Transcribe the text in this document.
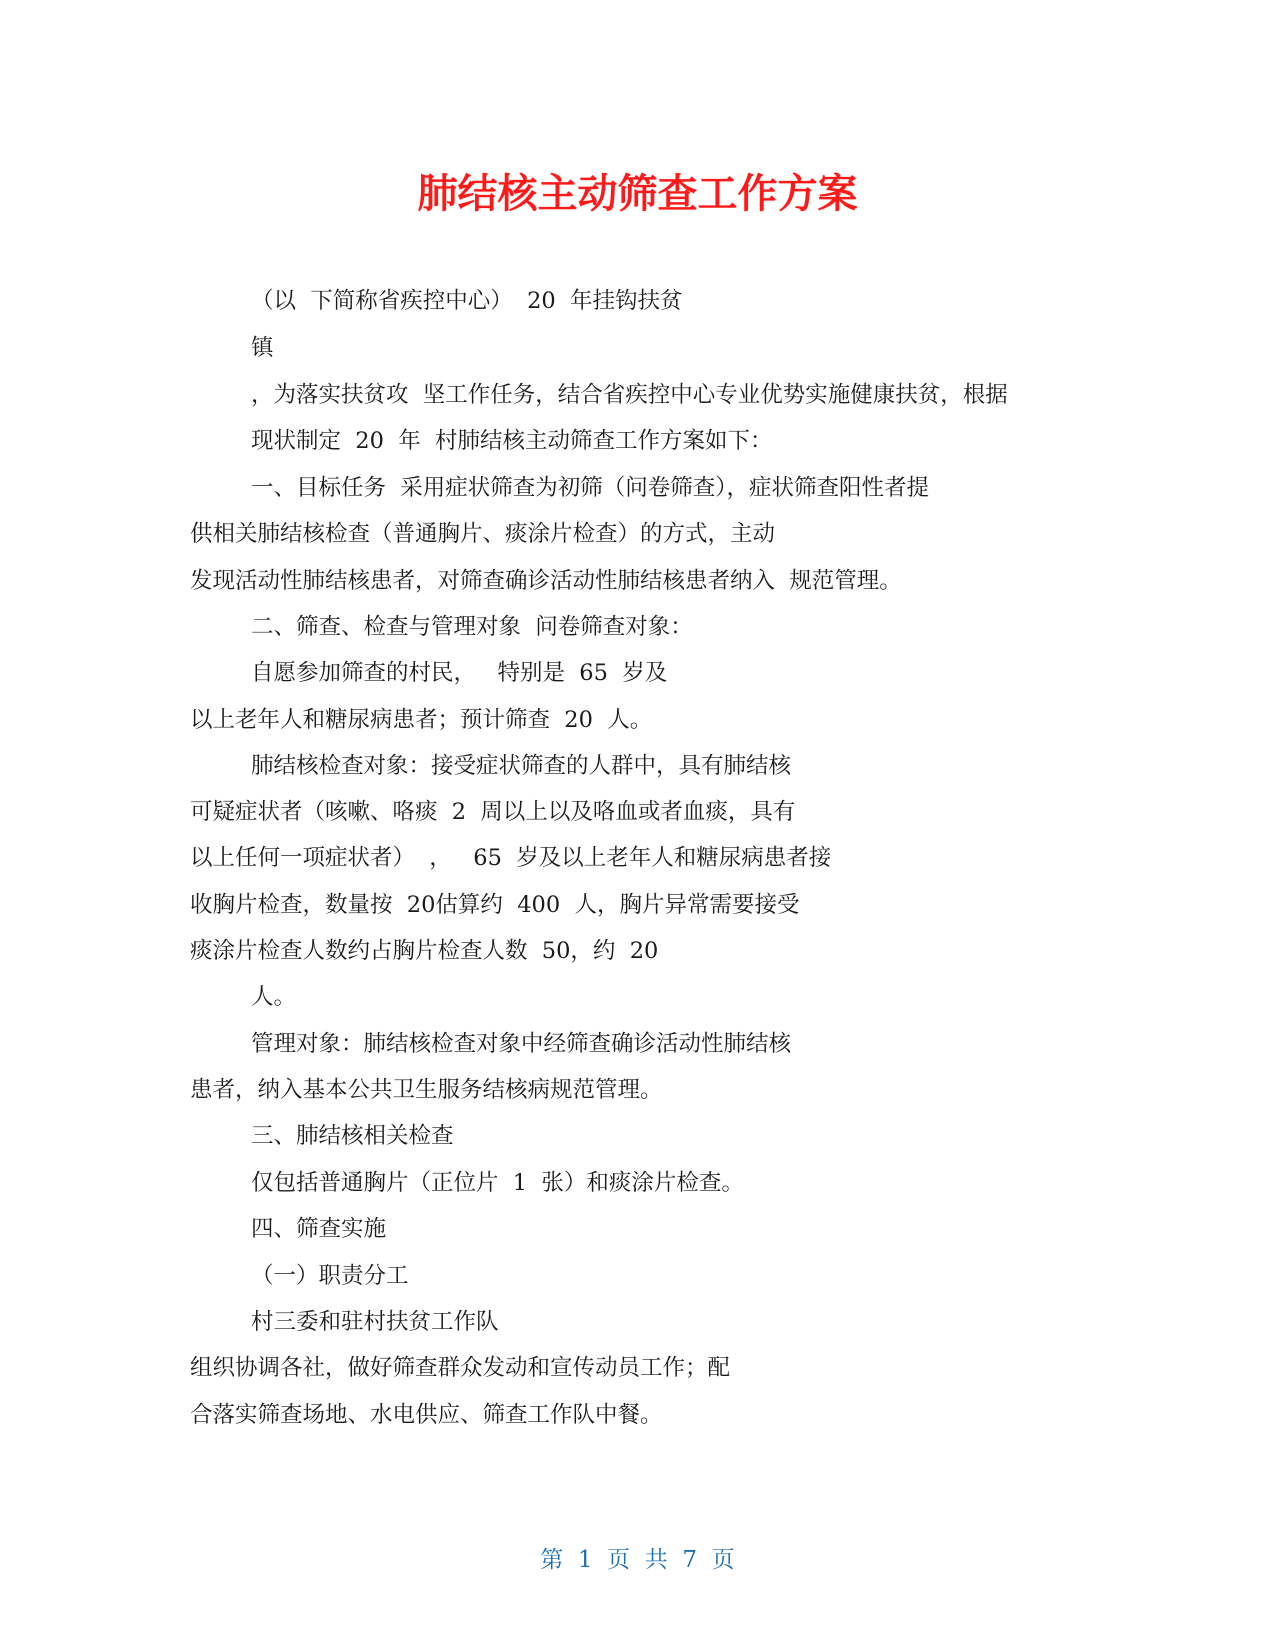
肺结核主动筛查工作方案
（以  下简称省疾控中心）  20  年挂钩扶贫
镇
，为落实扶贫攻  坚工作任务，结合省疾控中心专业优势实施健康扶贫，根据
现状制定  20  年  村肺结核主动筛查工作方案如下：
一、目标任务  采用症状筛查为初筛（问卷筛查），症状筛查阳性者提
供相关肺结核检查（普通胸片、痰涂片检查）的方式，主动
发现活动性肺结核患者，对筛查确诊活动性肺结核患者纳入  规范管理。
二、筛查、检查与管理对象  问卷筛查对象：
自愿参加筛查的村民，   特别是  65  岁及
以上老年人和糖尿病患者；预计筛查  20  人。
肺结核检查对象：接受症状筛查的人群中，具有肺结核
可疑症状者（咳嗽、咯痰  2  周以上以及咯血或者血痰，具有
以上任何一项症状者）  ，   65  岁及以上老年人和糖尿病患者接
收胸片检查，数量按  20估算约  400  人，胸片异常需要接受
痰涂片检查人数约占胸片检查人数  50，约  20
人。
管理对象：肺结核检查对象中经筛查确诊活动性肺结核
患者，纳入基本公共卫生服务结核病规范管理。
三、肺结核相关检查
仅包括普通胸片（正位片  1  张）和痰涂片检查。
四、筛查实施
（一）职责分工
村三委和驻村扶贫工作队
组织协调各社，做好筛查群众发动和宣传动员工作；配
合落实筛查场地、水电供应、筛查工作队中餐。
第  1  页  共  7  页
